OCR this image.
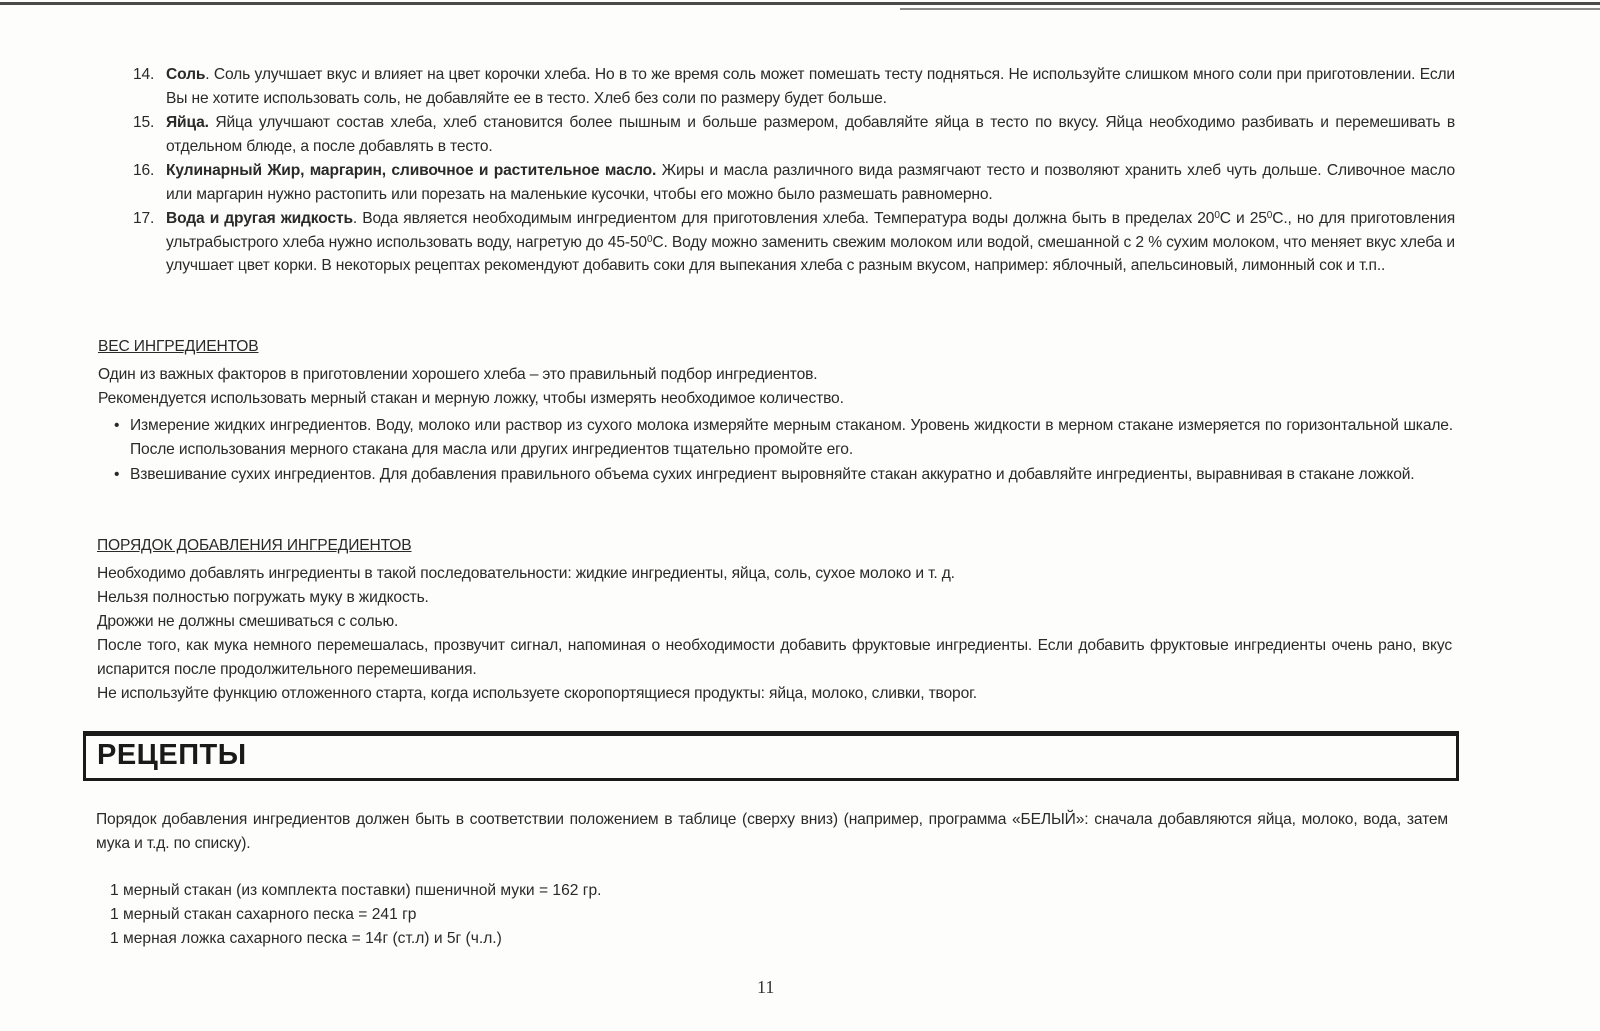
14. Соль. Соль улучшает вкус и влияет на цвет корочки хлеба. Но в то же время соль может помешать тесту подняться. Не используйте слишком много соли при приготовлении. Если Вы не хотите использовать соль, не добавляйте ее в тесто. Хлеб без соли по размеру будет больше.
15. Яйца. Яйца улучшают состав хлеба, хлеб становится более пышным и больше размером, добавляйте яйца в тесто по вкусу. Яйца необходимо разбивать и перемешивать в отдельном блюде, а после добавлять в тесто.
16. Кулинарный Жир, маргарин, сливочное и растительное масло. Жиры и масла различного вида размягчают тесто и позволяют хранить хлеб чуть дольше. Сливочное масло или маргарин нужно растопить или порезать на маленькие кусочки, чтобы его можно было размешать равномерно.
17. Вода и другая жидкость. Вода является необходимым ингредиентом для приготовления хлеба. Температура воды должна быть в пределах $20^0С$ и $25^0С$., но для приготовления ультрабыстрого хлеба нужно использовать воду, нагретую до $45-50^0С$. Воду можно заменить свежим молоком или водой, смешанной с 2 % сухим молоком, что меняет вкус хлеба и улучшает цвет корки. В некоторых рецептах рекомендуют добавить соки для выпекания хлеба с разным вкусом, например: яблочный, апельсиновый, лимонный сок и т.п..
ВЕС ИНГРЕДИЕНТОВ
Один из важных факторов в приготовлении хорошего хлеба – это правильный подбор ингредиентов.
Рекомендуется использовать мерный стакан и мерную ложку, чтобы измерять необходимое количество.
• Измерение жидких ингредиентов. Воду, молоко или раствор из сухого молока измеряйте мерным стаканом. Уровень жидкости в мерном стакане измеряется по горизонтальной шкале. После использования мерного стакана для масла или других ингредиентов тщательно промойте его.
• Взвешивание сухих ингредиентов. Для добавления правильного объема сухих ингредиент выровняйте стакан аккуратно и добавляйте ингредиенты, выравнивая в стакане ложкой.
ПОРЯДОК ДОБАВЛЕНИЯ ИНГРЕДИЕНТОВ
Необходимо добавлять ингредиенты в такой последовательности: жидкие ингредиенты, яйца, соль, сухое молоко и т. д.
Нельзя полностью погружать муку в жидкость.
Дрожжи не должны смешиваться с солью.
После того, как мука немного перемешалась, прозвучит сигнал, напоминая о необходимости добавить фруктовые ингредиенты. Если добавить фруктовые ингредиенты очень рано, вкус испарится после продолжительного перемешивания.
Не используйте функцию отложенного старта, когда используете скоропортящиеся продукты: яйца, молоко, сливки, творог.
РЕЦЕПТЫ
Порядок добавления ингредиентов должен быть в соответствии положением в таблице (сверху вниз) (например, программа «БЕЛЫЙ»: сначала добавляются яйца, молоко, вода, затем мука и т.д. по списку).
1 мерный стакан (из комплекта поставки) пшеничной муки = 162 гр.
1 мерный стакан сахарного песка = 241 гр
1 мерная ложка сахарного песка = 14г (ст.л) и 5г (ч.л.)
11
